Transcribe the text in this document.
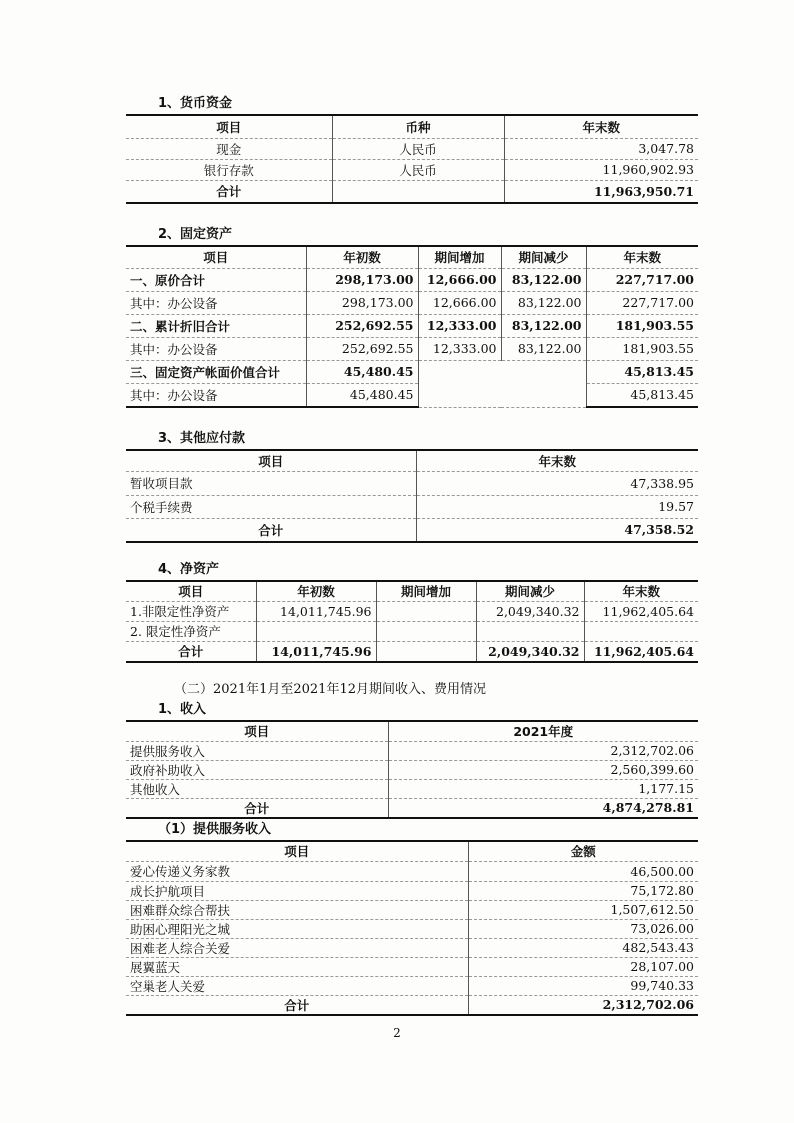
1、货币资金
项目	币种	年末数
现金	人民币	3,047.78
银行存款	人民币	11,960,902.93
合计		11,963,950.71
2、固定资产
项目	年初数	期间增加	期间减少	年末数
一、原价合计	298,173.00	12,666.00	83,122.00	227,717.00
其中：办公设备	298,173.00	12,666.00	83,122.00	227,717.00
二、累计折旧合计	252,692.55	12,333.00	83,122.00	181,903.55
其中：办公设备	252,692.55	12,333.00	83,122.00	181,903.55
三、固定资产帐面价值合计	45,480.45			45,813.45
其中：办公设备	45,480.45			45,813.45
3、其他应付款
项目	年末数
暂收项目款	47,338.95
个税手续费	19.57
合计	47,358.52
4、净资产
项目	年初数	期间增加	期间减少	年末数
1.非限定性净资产	14,011,745.96		2,049,340.32	11,962,405.64
2. 限定性净资产				
合计	14,011,745.96		2,049,340.32	11,962,405.64
（二）2021年1月至2021年12月期间收入、费用情况
1、收入
项目	2021年度
提供服务收入	2,312,702.06
政府补助收入	2,560,399.60
其他收入	1,177.15
合计	4,874,278.81
（1）提供服务收入
项目	金额
爱心传递义务家教	46,500.00
成长护航项目	75,172.80
困难群众综合帮扶	1,507,612.50
助困心理阳光之城	73,026.00
困难老人综合关爱	482,543.43
展翼蓝天	28,107.00
空巢老人关爱	99,740.33
合计	2,312,702.06
2
